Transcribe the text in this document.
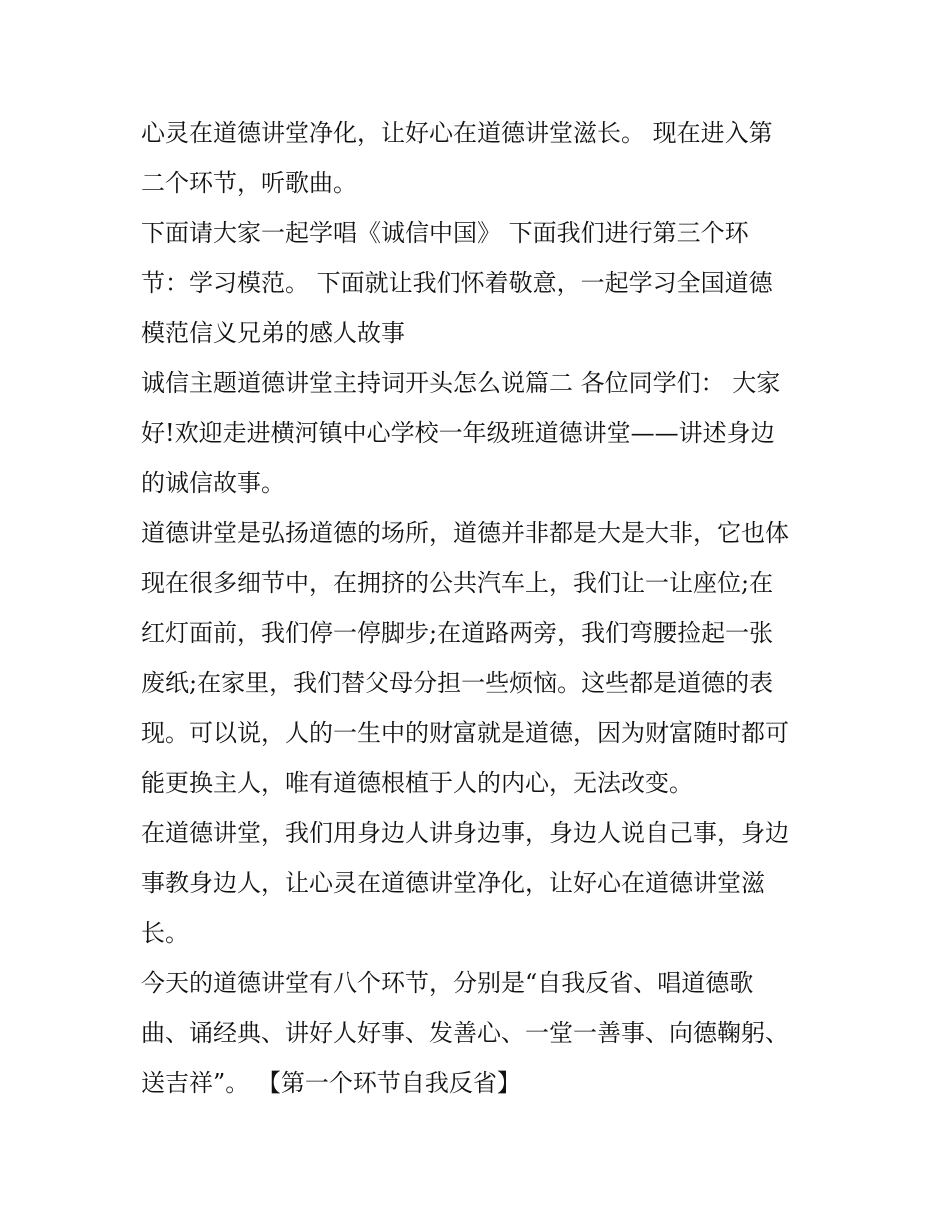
心灵在道德讲堂净化，让好心在道德讲堂滋长。 现在进入第
二个环节，听歌曲。

下面请大家一起学唱《诚信中国》 下面我们进行第三个环
节：学习模范。 下面就让我们怀着敬意，一起学习全国道德
模范信义兄弟的感人故事

诚信主题道德讲堂主持词开头怎么说篇二 各位同学们： 大家
好!欢迎走进横河镇中心学校一年级班道德讲堂——讲述身边
的诚信故事。

道德讲堂是弘扬道德的场所，道德并非都是大是大非，它也体
现在很多细节中，在拥挤的公共汽车上，我们让一让座位;在
红灯面前，我们停一停脚步;在道路两旁，我们弯腰捡起一张
废纸;在家里，我们替父母分担一些烦恼。这些都是道德的表
现。可以说，人的一生中的财富就是道德，因为财富随时都可
能更换主人，唯有道德根植于人的内心，无法改变。

在道德讲堂，我们用身边人讲身边事，身边人说自己事，身边
事教身边人，让心灵在道德讲堂净化，让好心在道德讲堂滋
长。

今天的道德讲堂有八个环节，分别是“自我反省、唱道德歌
曲、诵经典、讲好人好事、发善心、一堂一善事、向德鞠躬、
送吉祥”。 【第一个环节自我反省】
